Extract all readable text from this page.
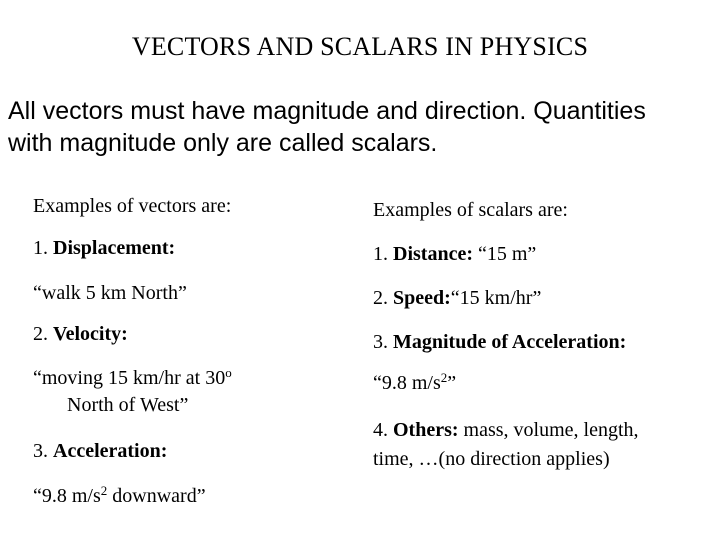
VECTORS AND SCALARS IN PHYSICS
All vectors must have magnitude and direction. Quantities
with magnitude only are called scalars.
Examples of vectors are:
1. Displacement:
“walk 5 km North”
2. Velocity:
“moving 15 km/hr at 30$^o$
North of West”
3. Acceleration:
“9.8 $m/s^2$ downward”
Examples of scalars are:
1. Distance: “15 m”
2. Speed:“15 km/hr”
3. Magnitude of Acceleration:
“9.8 $m/s^2$”
4. Others: mass, volume, length, time, …(no direction applies)
